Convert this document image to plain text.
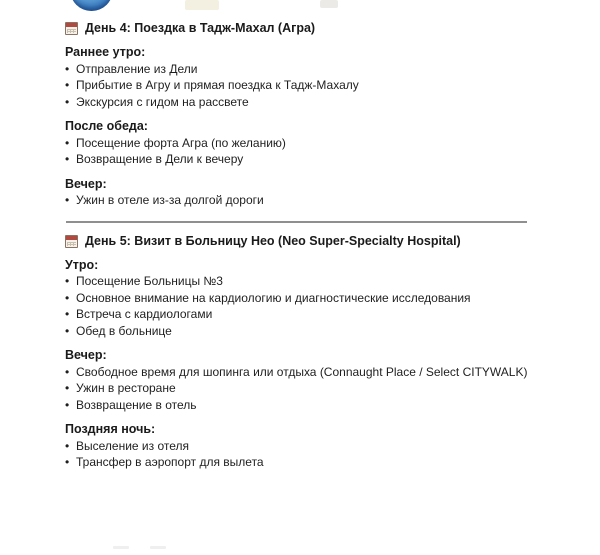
День 4: Поездка в Тадж-Махал (Агра)
Раннее утро:
• Отправление из Дели
• Прибытие в Агру и прямая поездка к Тадж-Махалу
• Экскурсия с гидом на рассвете
После обеда:
• Посещение форта Агра (по желанию)
• Возвращение в Дели к вечеру
Вечер:
• Ужин в отеле из-за долгой дороги
День 5: Визит в Больницу Нео (Neo Super-Specialty Hospital)
Утро:
• Посещение Больницы №3
• Основное внимание на кардиологию и диагностические исследования
• Встреча с кардиологами
• Обед в больнице
Вечер:
• Свободное время для шопинга или отдыха (Connaught Place / Select CITYWALK)
• Ужин в ресторане
• Возвращение в отель
Поздняя ночь:
• Выселение из отеля
• Трансфер в аэропорт для вылета
